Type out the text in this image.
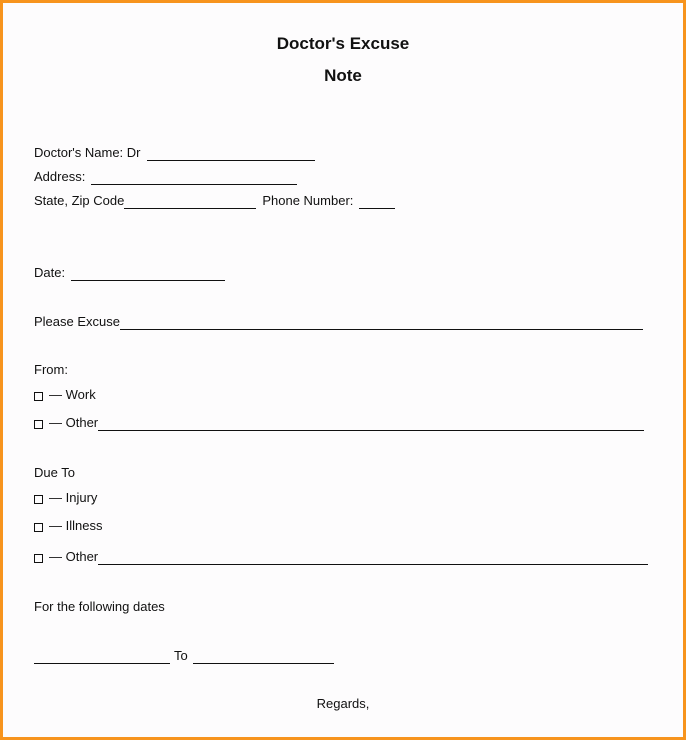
Doctor's Excuse
Note
Doctor's Name: Dr
Address:
State, Zip Code	Phone Number:
Date:
Please Excuse
From:
— Work
— Other
Due To
— Injury
— Illness
— Other
For the following dates
To
Regards,
